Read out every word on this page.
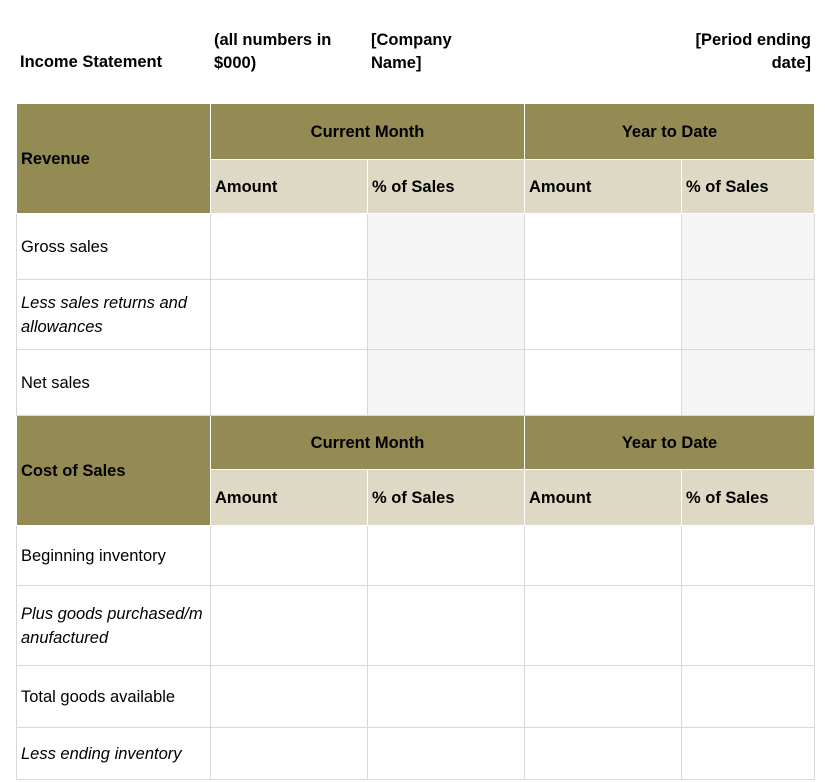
Income Statement
(all numbers in $000)
[Company Name]
[Period ending date]
Revenue	Current Month		Year to Date	
	Amount	% of Sales	Amount	% of Sales
Gross sales				
Less sales returns and allowances				
Net sales				
Cost of Sales	Current Month		Year to Date	
	Amount	% of Sales	Amount	% of Sales
Beginning inventory				
Plus goods purchased/manufactured				
Total goods available				
Less ending inventory				
